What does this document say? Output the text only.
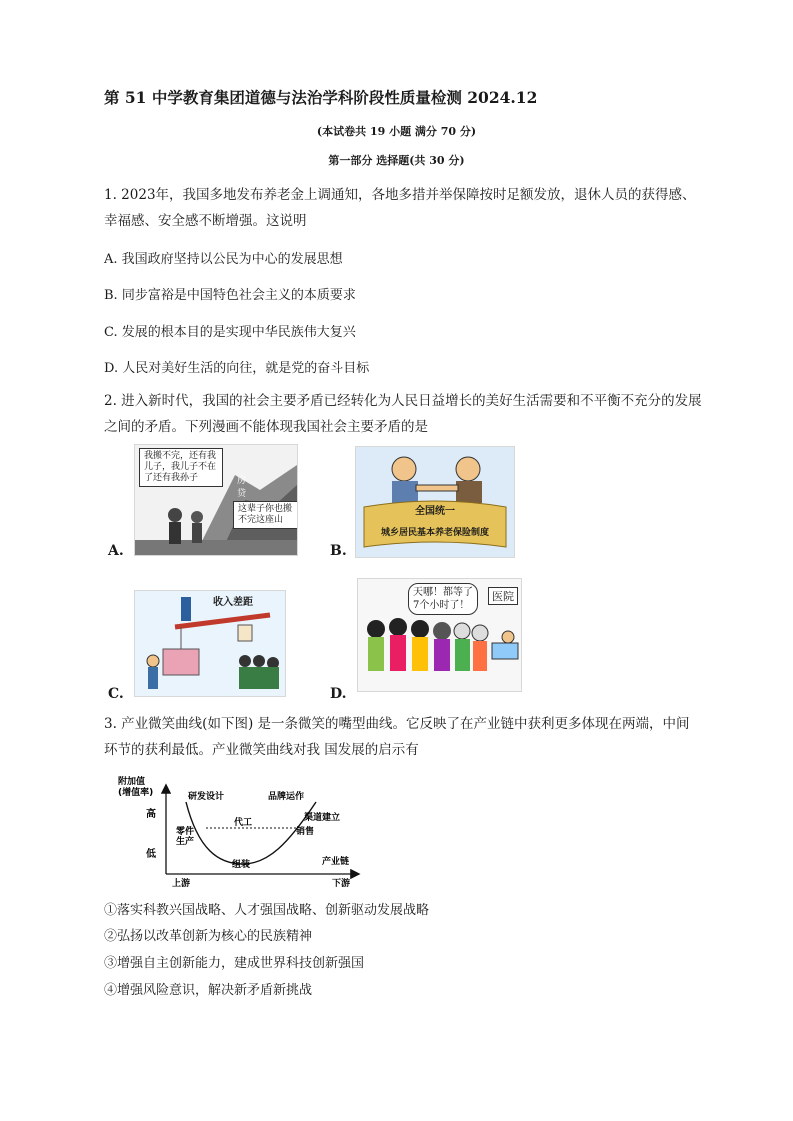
第 51 中学教育集团道德与法治学科阶段性质量检测 2024.12
(本试卷共 19 小题 满分 70 分)
第一部分 选择题(共 30 分)
1. 2023年，我国多地发布养老金上调通知，各地多措并举保障按时足额发放，退休人员的获得感、
幸福感、安全感不断增强。这说明
A. 我国政府坚持以公民为中心的发展思想
B. 同步富裕是中国特色社会主义的本质要求
C. 发展的根本目的是实现中华民族伟大复兴
D. 人民对美好生活的向往，就是党的奋斗目标
2. 进入新时代，我国的社会主要矛盾已经转化为人民日益增长的美好生活需要和不平衡不充分的发展
之间的矛盾。下列漫画不能体现我国社会主要矛盾的是
我搬不完，还有我儿子，我儿子不在了还有我孙子	房贷
这辈子你也搬不完这座山
A.
全国统一
城乡居民基本养老保险制度
B.
收入差距
C.
天哪！都等了7个小时了！
医院
D.
3. 产业微笑曲线(如下图) 是一条微笑的嘴型曲线。它反映了在产业链中获利更多体现在两端，中间
环节的获利最低。产业微笑曲线对我 国发展的启示有
附加值
(增值率)
高
低
研发设计	品牌运作
零件
生产
代工	渠道建立
销售
组装	产业链
上游	下游
①落实科教兴国战略、人才强国战略、创新驱动发展战略
②弘扬以改革创新为核心的民族精神
③增强自主创新能力，建成世界科技创新强国
④增强风险意识，解决新矛盾新挑战
